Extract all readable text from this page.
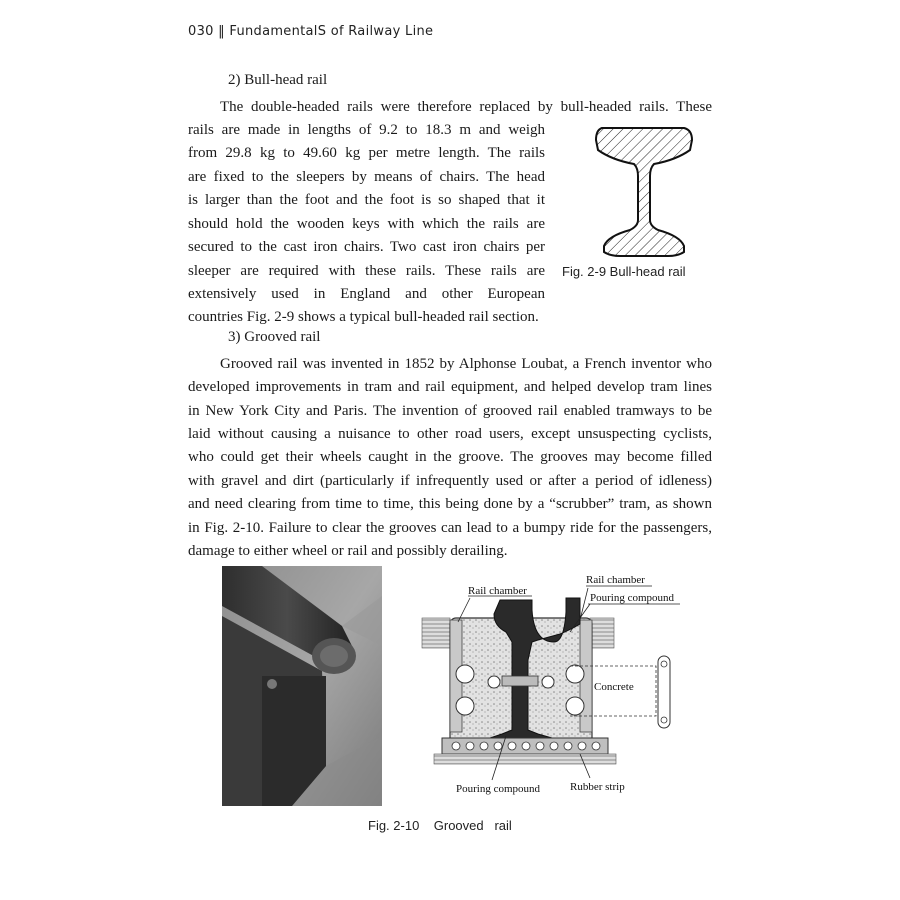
030 ‖ FundamentalS of Railway Line
2) Bull-head rail
The double-headed rails were therefore replaced by bull-headed rails. These
rails are made in lengths of 9.2 to 18.3 m and weigh
from 29.8 kg to 49.60 kg per metre length. The rails
are fixed to the sleepers by means of chairs. The head
is larger than the foot and the foot is so shaped that it
should hold the wooden keys with which the rails are
secured to the cast iron chairs. Two cast iron chairs per
sleeper are required with these rails. These rails are
extensively used in England and other European
countries Fig. 2-9 shows a typical bull-headed rail section.
Fig. 2-9 Bull-head rail
3) Grooved rail
Grooved rail was invented in 1852 by Alphonse Loubat, a French inventor who
developed improvements in tram and rail equipment, and helped develop tram lines
in New York City and Paris. The invention of grooved rail enabled tramways to be
laid without causing a nuisance to other road users, except unsuspecting cyclists,
who could get their wheels caught in the groove. The grooves may become filled
with gravel and dirt (particularly if infrequently used or after a period of idleness)
and need clearing from time to time, this being done by a “scrubber” tram, as shown
in Fig. 2-10. Failure to clear the grooves can lead to a bumpy ride for the passengers,
damage to either wheel or rail and possibly derailing.
Rail chamber
Rail chamber
Pouring compound
Concrete
Pouring compound	Rubber strip
Fig. 2-10    Grooved   rail
